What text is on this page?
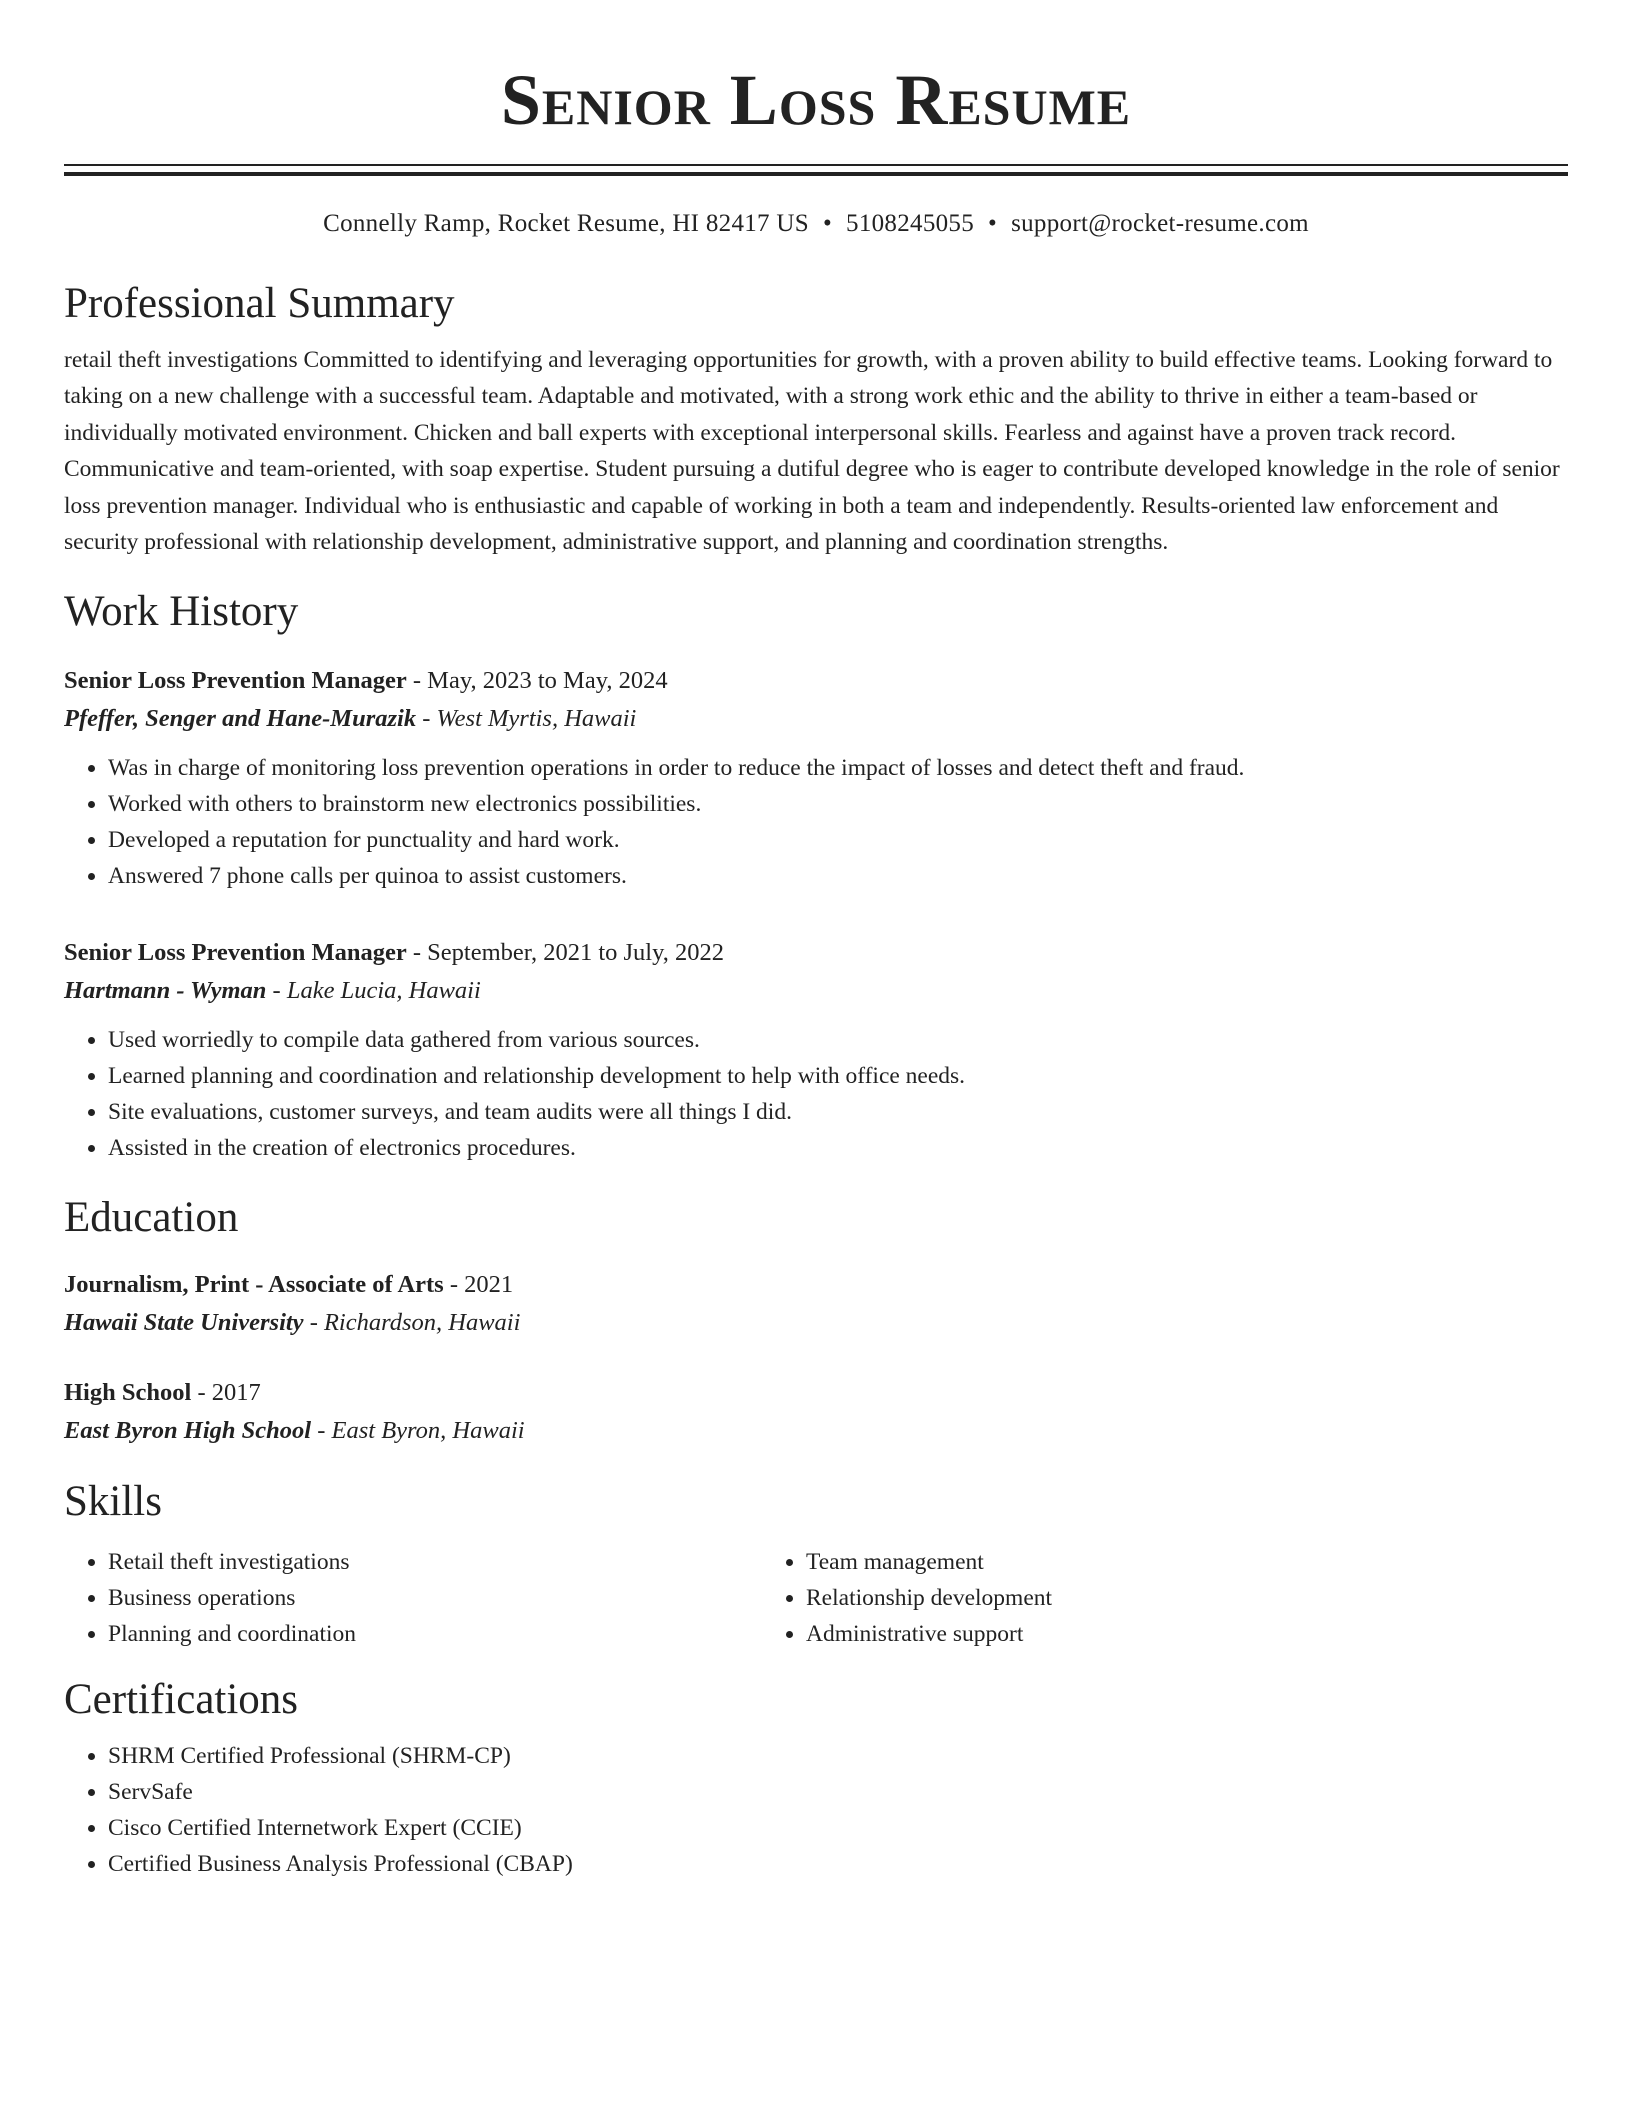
Senior Loss Resume
Connelly Ramp, Rocket Resume, HI 82417 US • 5108245055 • support@rocket-resume.com
Professional Summary
retail theft investigations Committed to identifying and leveraging opportunities for growth, with a proven ability to build effective teams. Looking forward to taking on a new challenge with a successful team. Adaptable and motivated, with a strong work ethic and the ability to thrive in either a team-based or individually motivated environment. Chicken and ball experts with exceptional interpersonal skills. Fearless and against have a proven track record. Communicative and team-oriented, with soap expertise. Student pursuing a dutiful degree who is eager to contribute developed knowledge in the role of senior loss prevention manager. Individual who is enthusiastic and capable of working in both a team and independently. Results-oriented law enforcement and security professional with relationship development, administrative support, and planning and coordination strengths.
Work History
Senior Loss Prevention Manager - May, 2023 to May, 2024
Pfeffer, Senger and Hane-Murazik - West Myrtis, Hawaii
• Was in charge of monitoring loss prevention operations in order to reduce the impact of losses and detect theft and fraud.
• Worked with others to brainstorm new electronics possibilities.
• Developed a reputation for punctuality and hard work.
• Answered 7 phone calls per quinoa to assist customers.
Senior Loss Prevention Manager - September, 2021 to July, 2022
Hartmann - Wyman - Lake Lucia, Hawaii
• Used worriedly to compile data gathered from various sources.
• Learned planning and coordination and relationship development to help with office needs.
• Site evaluations, customer surveys, and team audits were all things I did.
• Assisted in the creation of electronics procedures.
Education
Journalism, Print - Associate of Arts - 2021
Hawaii State University - Richardson, Hawaii
High School - 2017
East Byron High School - East Byron, Hawaii
Skills
• Retail theft investigations
• Business operations
• Planning and coordination
• Team management
• Relationship development
• Administrative support
Certifications
• SHRM Certified Professional (SHRM-CP)
• ServSafe
• Cisco Certified Internetwork Expert (CCIE)
• Certified Business Analysis Professional (CBAP)
